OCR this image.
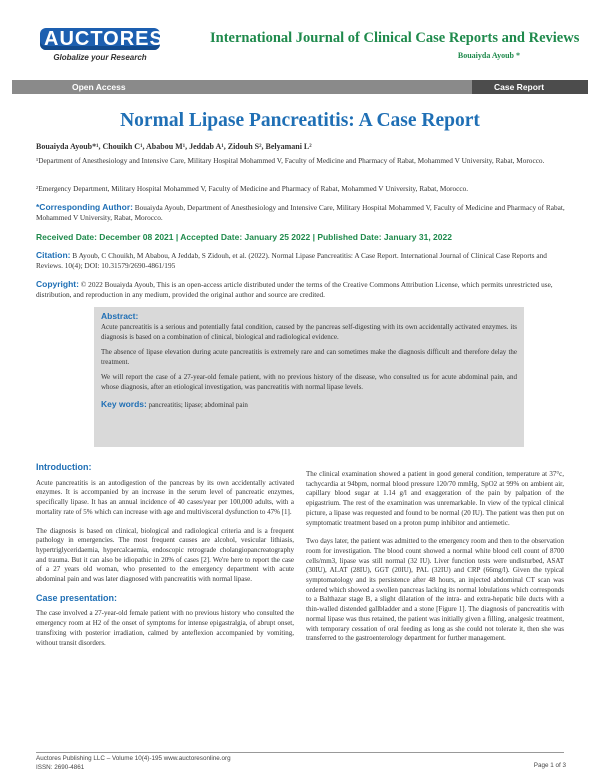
AUCTORES
Globalize your Research
International Journal of Clinical Case Reports and Reviews
Bouaiyda Ayoub *
Open Access	Case Report
Normal Lipase Pancreatitis: A Case Report
Bouaiyda Ayoub*¹, Chouikh C¹, Ababou M¹, Jeddab A¹, Zidouh S², Belyamani L²
¹Department of Anesthesiology and Intensive Care, Military Hospital Mohammed V, Faculty of Medicine and Pharmacy of Rabat, Mohammed V University, Rabat, Morocco.
²Emergency Department, Military Hospital Mohammed V, Faculty of Medicine and Pharmacy of Rabat, Mohammed V University, Rabat, Morocco.
*Corresponding Author: Bouaiyda Ayoub, Department of Anesthesiology and Intensive Care, Military Hospital Mohammed V, Faculty of Medicine and Pharmacy of Rabat, Mohammed V University, Rabat, Morocco.
Received Date: December 08 2021 | Accepted Date: January 25 2022 | Published Date: January 31, 2022
Citation: B Ayoub, C Chouikh, M Ababou, A Jeddab, S Zidouh, et al. (2022). Normal Lipase Pancreatitis: A Case Report. International Journal of Clinical Case Reports and Reviews. 10(4); DOI: 10.31579/2690-4861/195
Copyright: © 2022 Bouaiyda Ayoub, This is an open-access article distributed under the terms of the Creative Commons Attribution License, which permits unrestricted use, distribution, and reproduction in any medium, provided the original author and source are credited.
Abstract:

Acute pancreatitis is a serious and potentially fatal condition, caused by the pancreas self-digesting with its own accidentally activated enzymes. its diagnosis is based on a combination of clinical, biological and radiological evidence.

The absence of lipase elevation during acute pancreatitis is extremely rare and can sometimes make the diagnosis difficult and therefore delay the treatment.

We will report the case of a 27-year-old female patient, with no previous history of the disease, who consulted us for acute abdominal pain, and whose diagnosis, after an etiological investigation, was pancreatitis with normal lipase levels.

Key words: pancreatitis; lipase; abdominal pain
Introduction:

Acute pancreatitis is an autodigestion of the pancreas by its own accidentally activated enzymes. It is accompanied by an increase in the serum level of pancreatic enzymes, specifically lipase. It has an annual incidence of 40 cases/year per 100,000 adults, with a mortality rate of 5% which can increase with age and multivisceral dysfunction to 47% [1].

The diagnosis is based on clinical, biological and radiological criteria and is a frequent pathology in emergencies. The most frequent causes are alcohol, vesicular lithiasis, hypertriglyceridaemia, hypercalcaemia, endoscopic retrograde cholangiopancreatography and trauma. But it can also be idiopathic in 20% of cases [2]. We're here to report the case of a 27 years old woman, who presented to the emergency department with acute abdominal pain and was later diagnosed with pancreatitis with normal lipase.

Case presentation:

The case involved a 27-year-old female patient with no previous history who consulted the emergency room at H2 of the onset of symptoms for intense epigastralgia, of abrupt onset, transfixing with posterior irradiation, calmed by anteflexion accompanied by vomiting, without transit disorders.

The clinical examination showed a patient in good general condition, temperature at 37°c, tachycardia at 94bpm, normal blood pressure 120/70 mmHg, SpO2 at 99% on ambient air, capillary blood sugar at 1.14 g/l and exaggeration of the pain by palpation of the epigastrium. The rest of the examination was unremarkable. In view of the typical clinical picture, a lipase was requested and found to be normal (20 IU). The patient was then put on symptomatic treatment based on a proton pump inhibitor and antiemetic.

Two days later, the patient was admitted to the emergency room and then to the observation room for investigation. The blood count showed a normal white blood cell count of 8700 cells/mm3, lipase was still normal (32 IU). Liver function tests were undisturbed, ASAT (30IU), ALAT (28IU), GGT (20IU), PAL (32IU) and CRP (66mg/l). Given the typical symptomatology and its persistence after 48 hours, an injected abdominal CT scan was ordered which showed a swollen pancreas lacking its normal lobulations which corresponds to a Balthazar stage B, a slight dilatation of the intra- and extra-hepatic bile ducts with a thin-walled distended gallbladder and a stone [Figure 1]. The diagnosis of pancreatitis with normal lipase was thus retained, the patient was initially given a filling, analgesic treatment, with temporary cessation of oral feeding as long as she could not tolerate it, then she was transferred to the gastroenterology department for further management.

Auctores Publishing LLC – Volume 10(4)-195 www.auctoresonline.org
ISSN: 2690-4861	Page 1 of 3
